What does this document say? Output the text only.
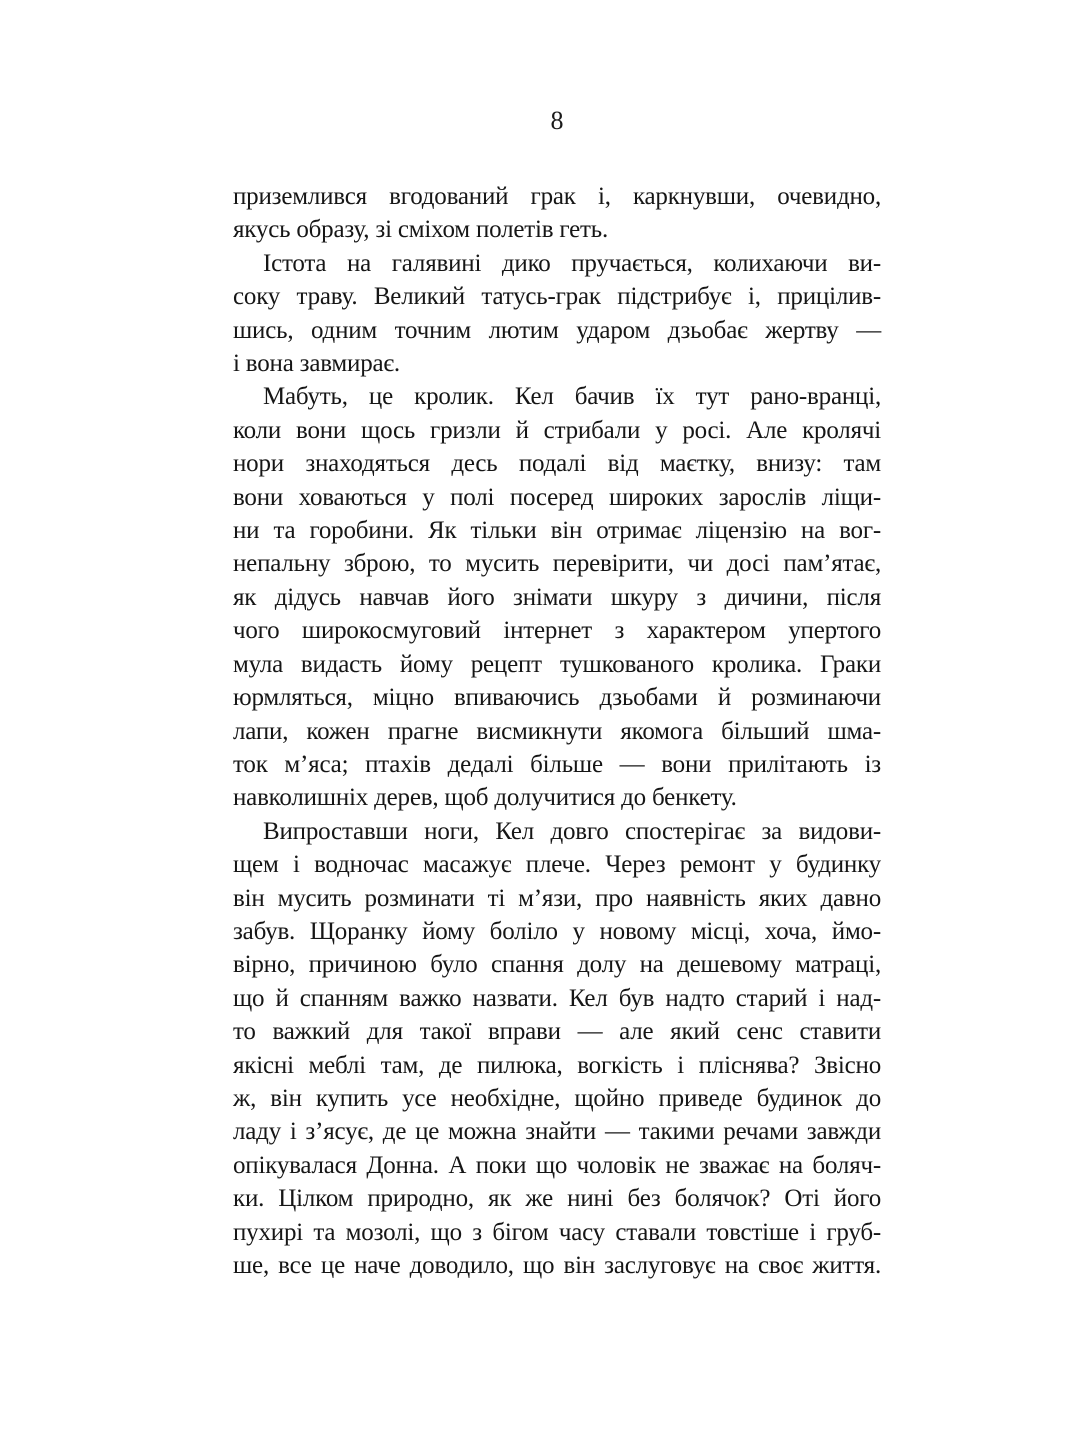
8
приземлився вгодований грак і, каркнувши, очевидно,
якусь образу, зі сміхом полетів геть.
Істота на галявині дико пручається, колихаючи ви-
соку траву. Великий татусь-грак підстрибує і, прицілив-
шись, одним точним лютим ударом дзьобає жертву —
і вона завмирає.
Мабуть, це кролик. Кел бачив їх тут рано-вранці,
коли вони щось гризли й стрибали у росі. Але кролячі
нори знаходяться десь подалі від маєтку, внизу: там
вони ховаються у полі посеред широких зарослів ліщи-
ни та горобини. Як тільки він отримає ліцензію на вог-
непальну зброю, то мусить перевірити, чи досі пам’ятає,
як дідусь навчав його знімати шкуру з дичини, після
чого широкосмуговий інтернет з характером упертого
мула видасть йому рецепт тушкованого кролика. Граки
юрмляться, міцно впиваючись дзьобами й розминаючи
лапи, кожен прагне висмикнути якомога більший шма-
ток м’яса; птахів дедалі більше — вони прилітають із
навколишніх дерев, щоб долучитися до бенкету.
Випроставши ноги, Кел довго спостерігає за видови-
щем і водночас масажує плече. Через ремонт у будинку
він мусить розминати ті м’язи, про наявність яких давно
забув. Щоранку йому боліло у новому місці, хоча, ймо-
вірно, причиною було спання долу на дешевому матраці,
що й спанням важко назвати. Кел був надто старий і над-
то важкий для такої вправи — але який сенс ставити
якісні меблі там, де пилюка, вогкість і пліснява? Звісно
ж, він купить усе необхідне, щойно приведе будинок до
ладу і з’ясує, де це можна знайти — такими речами завжди
опікувалася Донна. А поки що чоловік не зважає на боляч-
ки. Цілком природно, як же нині без болячок? Оті його
пухирі та мозолі, що з бігом часу ставали товстіше і груб-
ше, все це наче доводило, що він заслуговує на своє життя.
